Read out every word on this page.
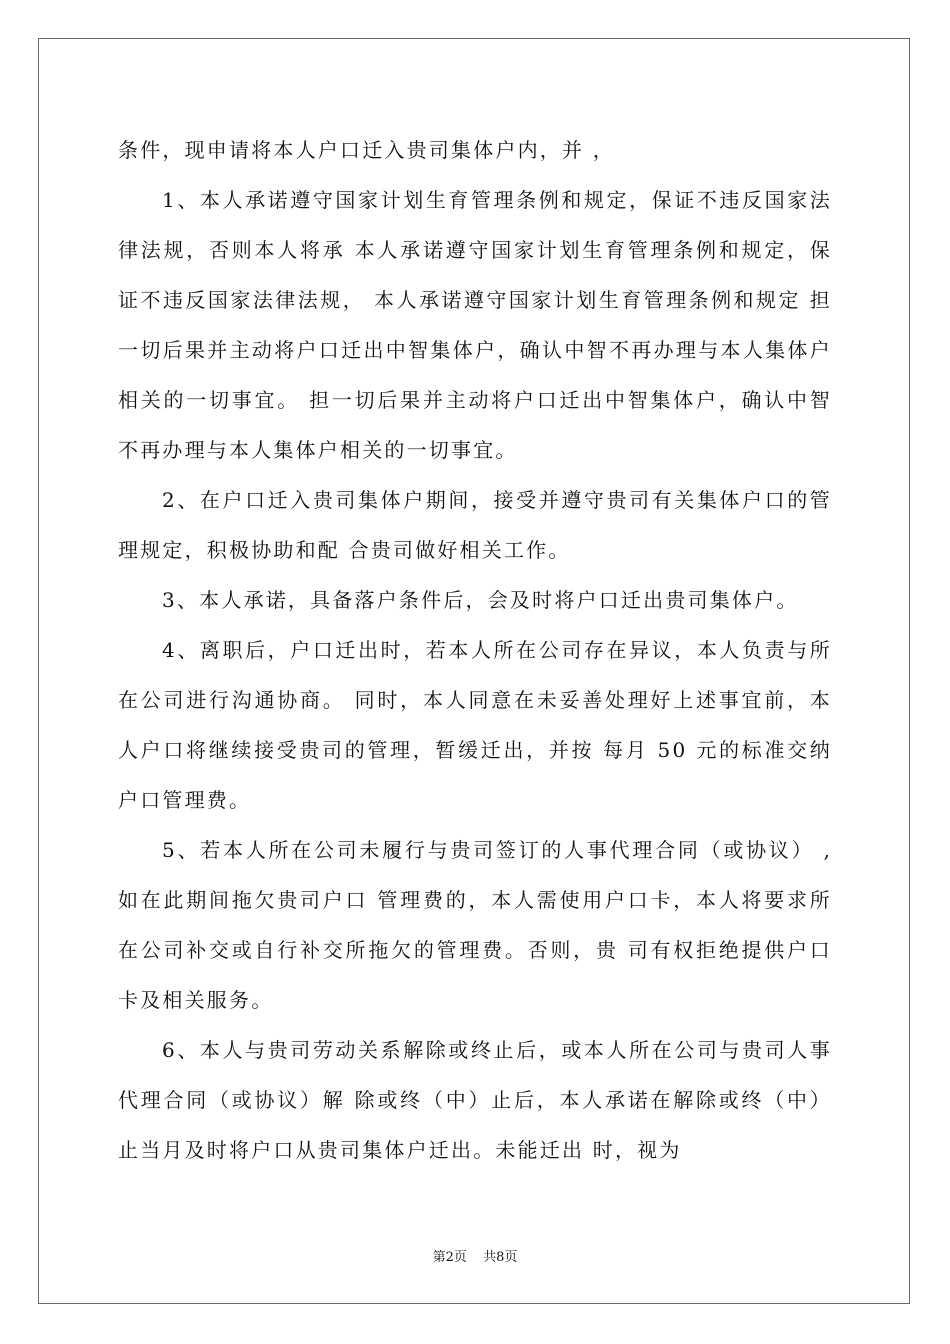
条件，现申请将本人户口迁入贵司集体户内，并 ，

1、本人承诺遵守国家计划生育管理条例和规定，保证不违反国家法律法规，否则本人将承 本人承诺遵守国家计划生育管理条例和规定，保证不违反国家法律法规， 本人承诺遵守国家计划生育管理条例和规定 担一切后果并主动将户口迁出中智集体户，确认中智不再办理与本人集体户相关的一切事宜。 担一切后果并主动将户口迁出中智集体户，确认中智不再办理与本人集体户相关的一切事宜。

2、在户口迁入贵司集体户期间，接受并遵守贵司有关集体户口的管理规定，积极协助和配 合贵司做好相关工作。

3、本人承诺，具备落户条件后，会及时将户口迁出贵司集体户。

4、离职后，户口迁出时，若本人所在公司存在异议，本人负责与所在公司进行沟通协商。 同时，本人同意在未妥善处理好上述事宜前，本人户口将继续接受贵司的管理，暂缓迁出，并按 每月 50 元的标准交纳户口管理费。

5、若本人所在公司未履行与贵司签订的人事代理合同（或协议） ,如在此期间拖欠贵司户口 管理费的，本人需使用户口卡，本人将要求所在公司补交或自行补交所拖欠的管理费。否则，贵 司有权拒绝提供户口卡及相关服务。

6、本人与贵司劳动关系解除或终止后，或本人所在公司与贵司人事代理合同（或协议）解 除或终（中）止后，本人承诺在解除或终（中）止当月及时将户口从贵司集体户迁出。未能迁出 时，视为

第2页 共8页
